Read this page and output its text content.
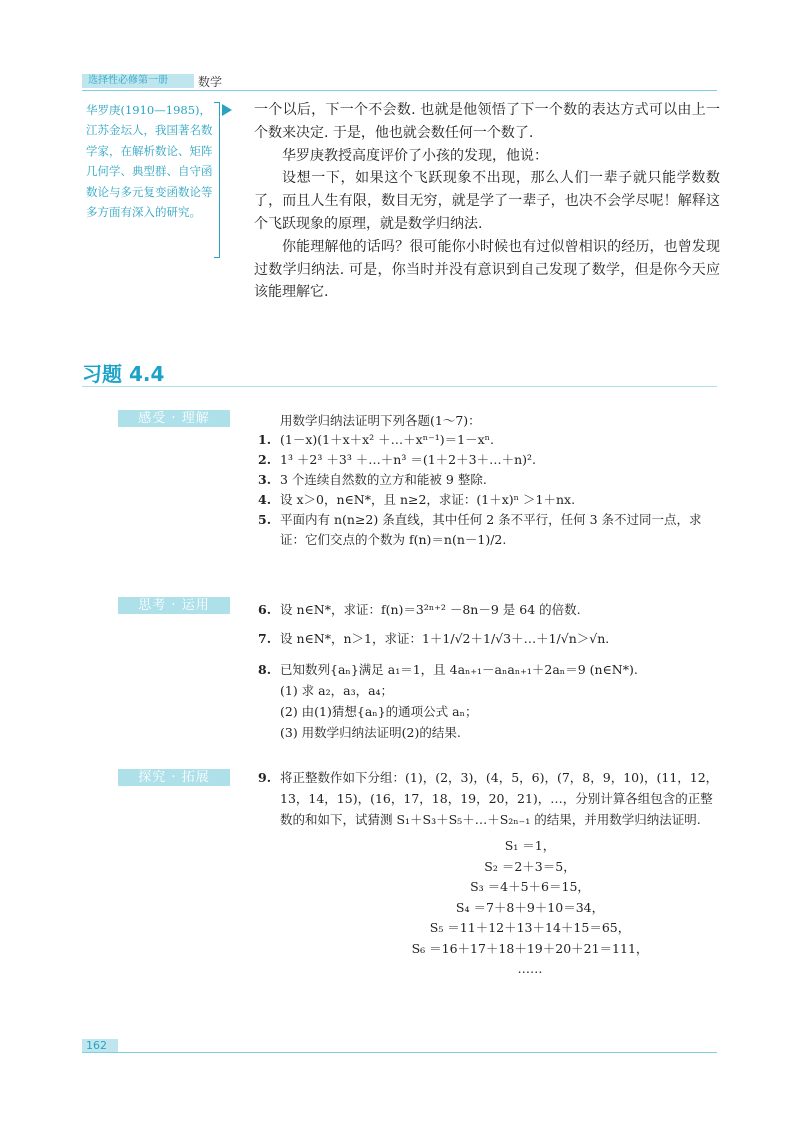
选择性必修第一册	数学
华罗庚(1910—1985)，江苏金坛人，我国著名数学家，在解析数论、矩阵几何学、典型群、自守函数论与多元复变函数论等多方面有深入的研究。

一个以后，下一个不会数. 也就是他领悟了下一个数的表达方式可以由上一个数来决定. 于是，他也就会数任何一个数了.

华罗庚教授高度评价了小孩的发现，他说：

设想一下，如果这个飞跃现象不出现，那么人们一辈子就只能学数数了，而且人生有限，数目无穷，就是学了一辈子，也决不会学尽呢！解释这个飞跃现象的原理，就是数学归纳法.

你能理解他的话吗？很可能你小时候也有过似曾相识的经历，也曾发现过数学归纳法. 可是，你当时并没有意识到自己发现了数学，但是你今天应该能理解它.

习题 4.4
感受 · 理解	用数学归纳法证明下列各题(1～7)：

1. (1－x)(1＋x＋x² ＋…＋xⁿ⁻¹)＝1－xⁿ.

2. 1³ ＋2³ ＋3³ ＋…＋n³ ＝(1＋2＋3＋…＋n)².

3. 3 个连续自然数的立方和能被 9 整除.

4. 设 x＞0，n∈N*，且 n≥2，求证：(1＋x)ⁿ ＞1＋nx.

5. 平面内有 n(n≥2) 条直线，其中任何 2 条不平行，任何 3 条不过同一点，求证：它们交点的个数为 f(n)＝n(n－1)/2.

思考 · 运用	6. 设 n∈N*，求证：f(n)＝3²ⁿ⁺² －8n－9 是 64 的倍数.

7. 设 n∈N*，n＞1，求证：1＋1/√2＋1/√3＋…＋1/√n＞√n.

8. 已知数列{aₙ}满足 a₁＝1，且 4aₙ₊₁－aₙaₙ₊₁＋2aₙ＝9 (n∈N*).

(1) 求 a₂，a₃，a₄；

(2) 由(1)猜想{aₙ}的通项公式 aₙ；

(3) 用数学归纳法证明(2)的结果.

探究 · 拓展	9. 将正整数作如下分组：(1)，(2，3)，(4，5，6)，(7，8，9，10)，(11，12，13，14，15)，(16，17，18，19，20，21)，…，分别计算各组包含的正整数的和如下，试猜测 S₁＋S₃＋S₅＋…＋S₂ₙ₋₁ 的结果，并用数学归纳法证明.

S₁ ＝1，
S₂ ＝2＋3＝5，
S₃ ＝4＋5＋6＝15，
S₄ ＝7＋8＋9＋10＝34，
S₅ ＝11＋12＋13＋14＋15＝65，
S₆ ＝16＋17＋18＋19＋20＋21＝111，
……
162
